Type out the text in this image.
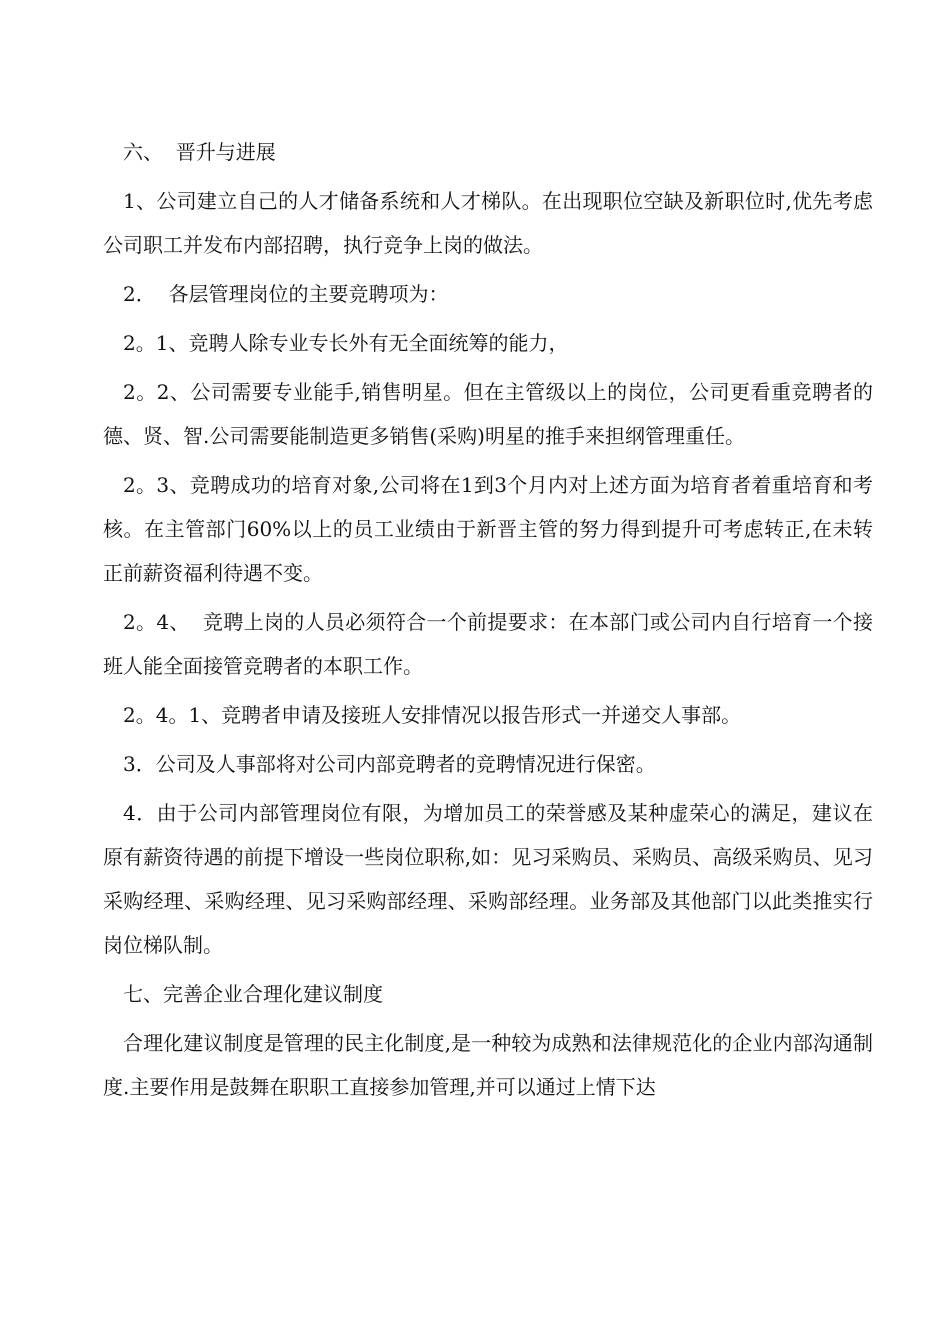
六、  晋升与进展

1、公司建立自己的人才储备系统和人才梯队。在出现职位空缺及新职位时,优先考虑公司职工并发布内部招聘，执行竞争上岗的做法。

2．  各层管理岗位的主要竞聘项为：

2。1、竞聘人除专业专长外有无全面统筹的能力，

2。2、公司需要专业能手,销售明星。但在主管级以上的岗位，公司更看重竞聘者的德、贤、智.公司需要能制造更多销售(采购)明星的推手来担纲管理重任。

2。3、竞聘成功的培育对象,公司将在1到3个月内对上述方面为培育者着重培育和考核。在主管部门60%以上的员工业绩由于新晋主管的努力得到提升可考虑转正,在未转正前薪资福利待遇不变。

2。4、  竞聘上岗的人员必须符合一个前提要求：在本部门或公司内自行培育一个接班人能全面接管竞聘者的本职工作。

2。4。1、竞聘者申请及接班人安排情况以报告形式一并递交人事部。

3．公司及人事部将对公司内部竞聘者的竞聘情况进行保密。

4．由于公司内部管理岗位有限，为增加员工的荣誉感及某种虚荣心的满足，建议在原有薪资待遇的前提下增设一些岗位职称,如：见习采购员、采购员、高级采购员、见习采购经理、采购经理、见习采购部经理、采购部经理。业务部及其他部门以此类推实行岗位梯队制。

七、完善企业合理化建议制度

合理化建议制度是管理的民主化制度,是一种较为成熟和法律规范化的企业内部沟通制度.主要作用是鼓舞在职职工直接参加管理,并可以通过上情下达
